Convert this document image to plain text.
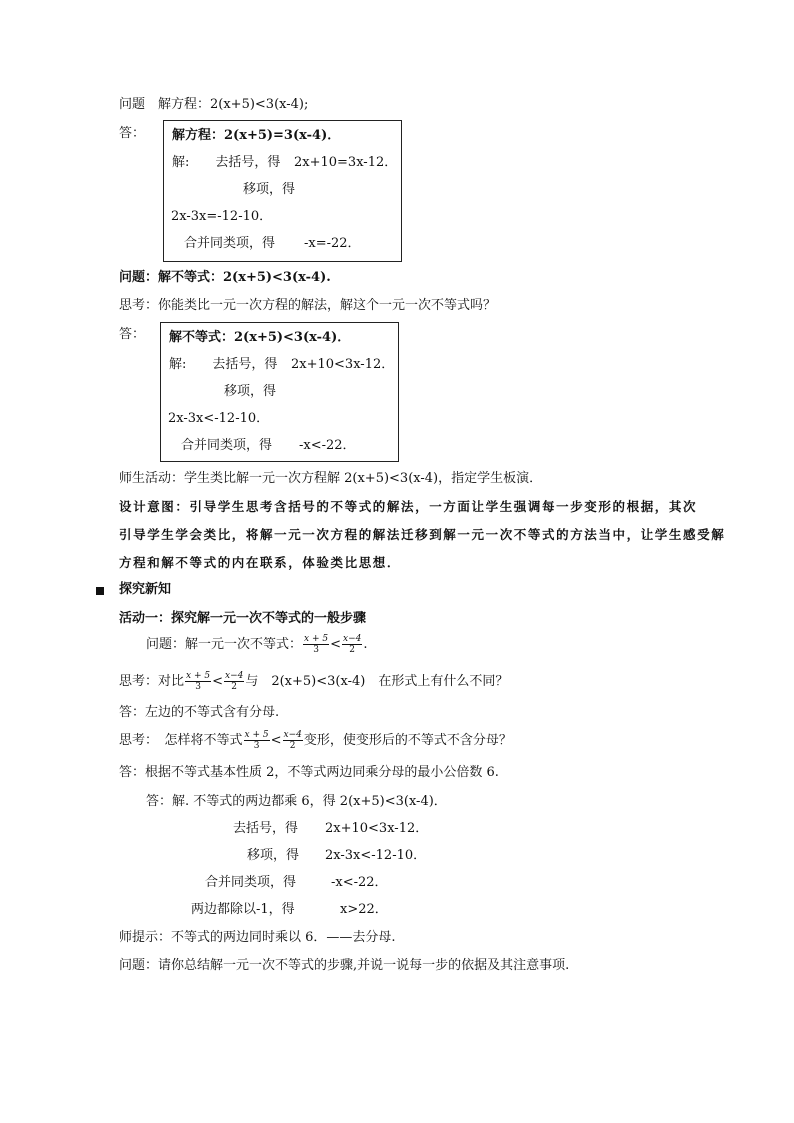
问题　解方程：2(x+5)<3(x-4);
答： 解方程：2(x+5)=3(x-4)．
解:　　去括号，得 2x+10=3x-12．
移项，得
2x-3x=-12-10．
合并同类项，得 -x=-22．
问题：解不等式：2(x+5)<3(x-4).
思考：你能类比一元一次方程的解法，解这个一元一次不等式吗？
答： 解不等式：2(x+5)<3(x-4)．
解:　　去括号，得 2x+10<3x-12．
移项，得
2x-3x<-12-10．
合并同类项，得 -x<-22．
师生活动：学生类比解一元一次方程解 2(x+5)<3(x-4)，指定学生板演．
设计意图：引导学生思考含括号的不等式的解法，一方面让学生强调每一步变形的根据，其次
引导学生学会类比，将解一元一次方程的解法迁移到解一元一次不等式的方法当中，让学生感受解
方程和解不等式的内在联系，体验类比思想．
探究新知
活动一：探究解一元一次不等式的一般步骤
问题：解一元一次不等式： $\frac{x + 5}{3} < \frac{x-4}{2}$ .
思考：对比 $\frac{x + 5}{3} < \frac{x-4}{2}$ 与　2(x+5)<3(x-4)　在形式上有什么不同？
答：左边的不等式含有分母.
思考：　怎样将不等式 $\frac{x + 5}{3} < \frac{x-4}{2}$ 变形，使变形后的不等式不含分母？
答：根据不等式基本性质 2，不等式两边同乘分母的最小公倍数 6.
答：解. 不等式的两边都乘 6，得 2(x+5)<3(x-4)．
去括号，得 2x+10<3x-12．
移项，得 2x-3x<-12-10．
合并同类项，得	-x<-22．
两边都除以-1，得	x>22．
师提示：不等式的两边同时乘以 6．——去分母.
问题：请你总结解一元一次不等式的步骤,并说一说每一步的依据及其注意事项.
